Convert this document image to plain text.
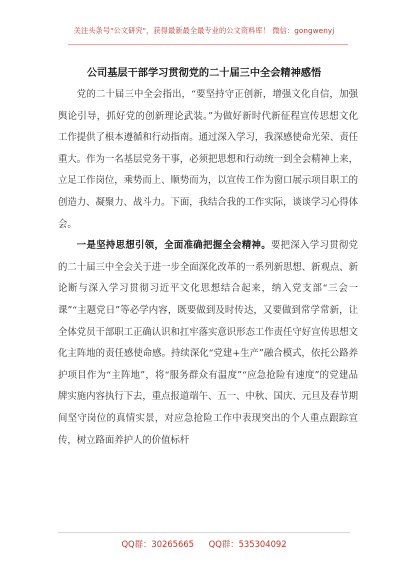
关注头条号"公文研究"，获得最新最全最专业的公文资料库！ 微信：gongwenyj
公司基层干部学习贯彻党的二十届三中全会精神感悟

党的二十届三中全会指出，“要坚持守正创新，增强文化自信，加强舆论引导，抓好党的创新理论武装。”为做好新时代新征程宣传思想文化工作提供了根本遵循和行动指南。通过深入学习，我深感使命光荣、责任重大。作为一名基层党务干事，必须把思想和行动统一到全会精神上来，立足工作岗位，乘势而上、顺势而为，以宣传工作为窗口展示项目职工的创造力、凝聚力、战斗力。下面，我结合我的工作实际，谈谈学习心得体会。

一是坚持思想引领，全面准确把握全会精神。要把深入学习贯彻党的二十届三中全会关于进一步全面深化改革的一系列新思想、新观点、新论断与深入学习贯彻习近平文化思想结合起来，纳入党支部“三会一课”“主题党日”等必学内容，既要做到及时传达，又要做到常学常新，让全体党员干部职工正确认识和扛牢落实意识形态工作责任守好宣传思想文化主阵地的责任感使命感。持续深化“党建+生产”融合模式，依托公路养护项目作为“主阵地”，将“服务群众有温度”“应急抢险有速度”的党建品牌实施内容执行下去，重点报道端午、五一、中秋、国庆、元旦及春节期间坚守岗位的真情实景，对应急抢险工作中表现突出的个人重点跟踪宣传，树立路面养护人的价值标杆

QQ群：30265665 QQ群：535304092
